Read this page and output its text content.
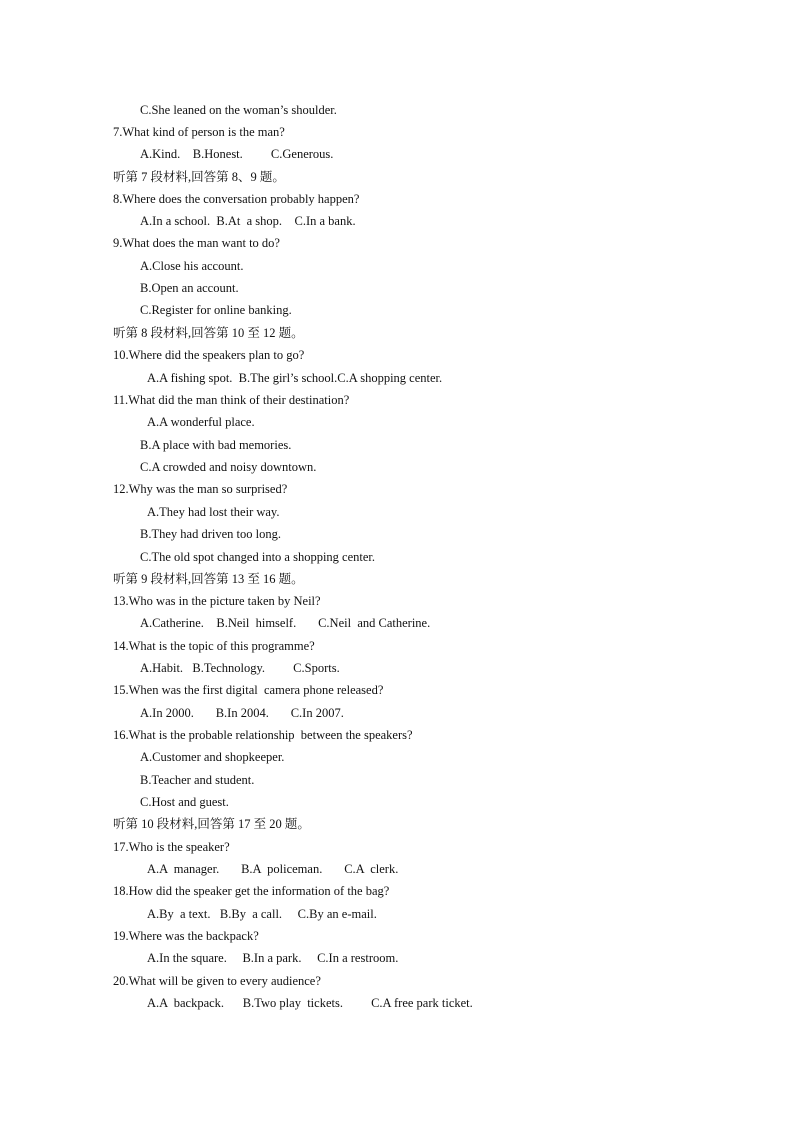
C.She leaned on the woman’s shoulder.
7.What kind of person is the man?
A.Kind.    B.Honest.         C.Generous.
听第 7 段材料,回答第 8、9 题。
8.Where does the conversation probably happen?
A.In a school.  B.At  a shop.    C.In a bank.
9.What does the man want to do?
A.Close his account.
B.Open an account.
C.Register for online banking.
听第 8 段材料,回答第 10 至 12 题。
10.Where did the speakers plan to go?
A.A fishing spot.  B.The girl’s school.C.A shopping center.
11.What did the man think of their destination?
A.A wonderful place.
B.A place with bad memories.
C.A crowded and noisy downtown.
12.Why was the man so surprised?
A.They had lost their way.
B.They had driven too long.
C.The old spot changed into a shopping center.
听第 9 段材料,回答第 13 至 16 题。
13.Who was in the picture taken by Neil?
A.Catherine.    B.Neil  himself.       C.Neil  and Catherine.
14.What is the topic of this programme?
A.Habit.   B.Technology.         C.Sports.
15.When was the first digital  camera phone released?
A.In 2000.       B.In 2004.       C.In 2007.
16.What is the probable relationship  between the speakers?
A.Customer and shopkeeper.
B.Teacher and student.
C.Host and guest.
听第 10 段材料,回答第 17 至 20 题。
17.Who is the speaker?
A.A  manager.       B.A  policeman.       C.A  clerk.
18.How did the speaker get the information of the bag?
A.By  a text.   B.By  a call.     C.By an e-mail.
19.Where was the backpack?
A.In the square.     B.In a park.     C.In a restroom.
20.What will be given to every audience?
A.A  backpack.      B.Two play  tickets.         C.A free park ticket.
